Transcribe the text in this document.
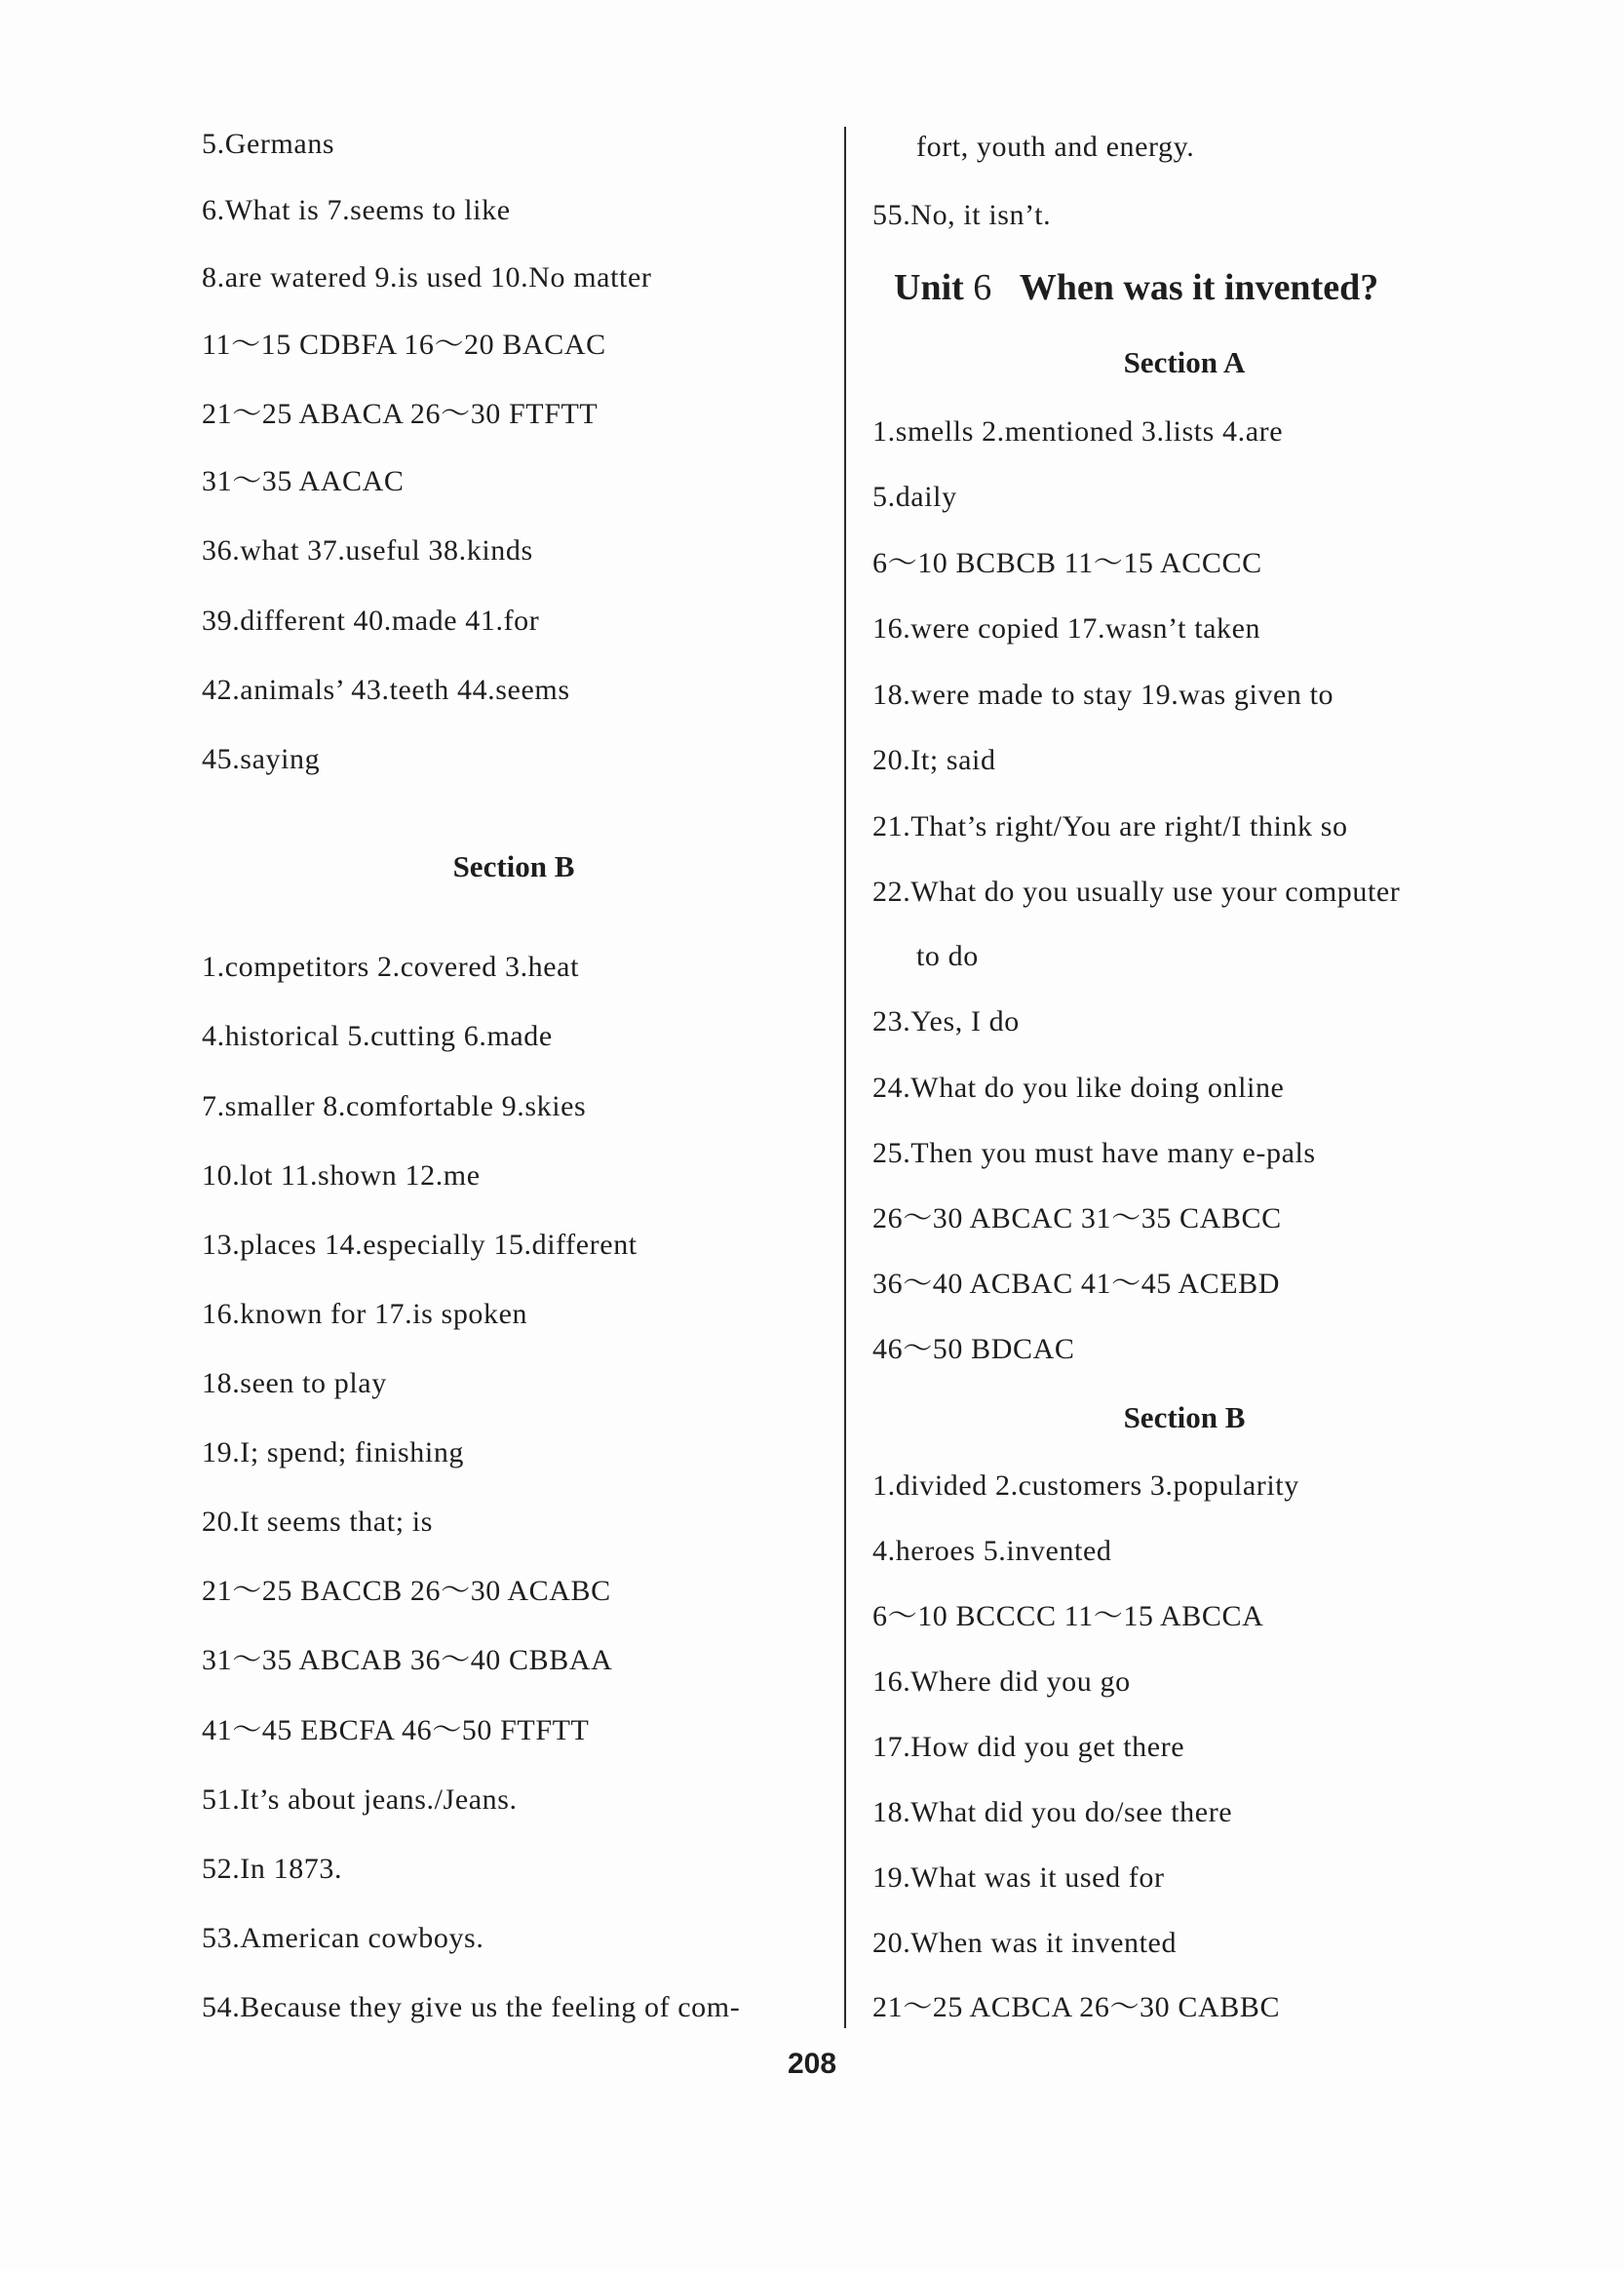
5.Germans
6.What is 7.seems to like
8.are watered 9.is used 10.No matter
11～15 CDBFA 16～20 BACAC
21～25 ABACA 26～30 FTFTT
31～35 AACAC
36.what 37.useful 38.kinds
39.different 40.made 41.for
42.animals’ 43.teeth 44.seems
45.saying
Section B
1.competitors 2.covered 3.heat
4.historical 5.cutting 6.made
7.smaller 8.comfortable 9.skies
10.lot 11.shown 12.me
13.places 14.especially 15.different
16.known for 17.is spoken
18.seen to play
19.I; spend; finishing
20.It seems that; is
21～25 BACCB 26～30 ACABC
31～35 ABCAB 36～40 CBBAA
41～45 EBCFA 46～50 FTFTT
51.It’s about jeans./Jeans.
52.In 1873.
53.American cowboys.
54.Because they give us the feeling of com-
fort, youth and energy.
55.No, it isn’t.
Unit 6 When was it invented?
Section A
1.smells 2.mentioned 3.lists 4.are
5.daily
6～10 BCBCB 11～15 ACCCC
16.were copied 17.wasn’t taken
18.were made to stay 19.was given to
20.It; said
21.That’s right/You are right/I think so
22.What do you usually use your computer
to do
23.Yes, I do
24.What do you like doing online
25.Then you must have many e-pals
26～30 ABCAC 31～35 CABCC
36～40 ACBAC 41～45 ACEBD
46～50 BDCAC
Section B
1.divided 2.customers 3.popularity
4.heroes 5.invented
6～10 BCCCC 11～15 ABCCA
16.Where did you go
17.How did you get there
18.What did you do/see there
19.What was it used for
20.When was it invented
21～25 ACBCA 26～30 CABBC
208
